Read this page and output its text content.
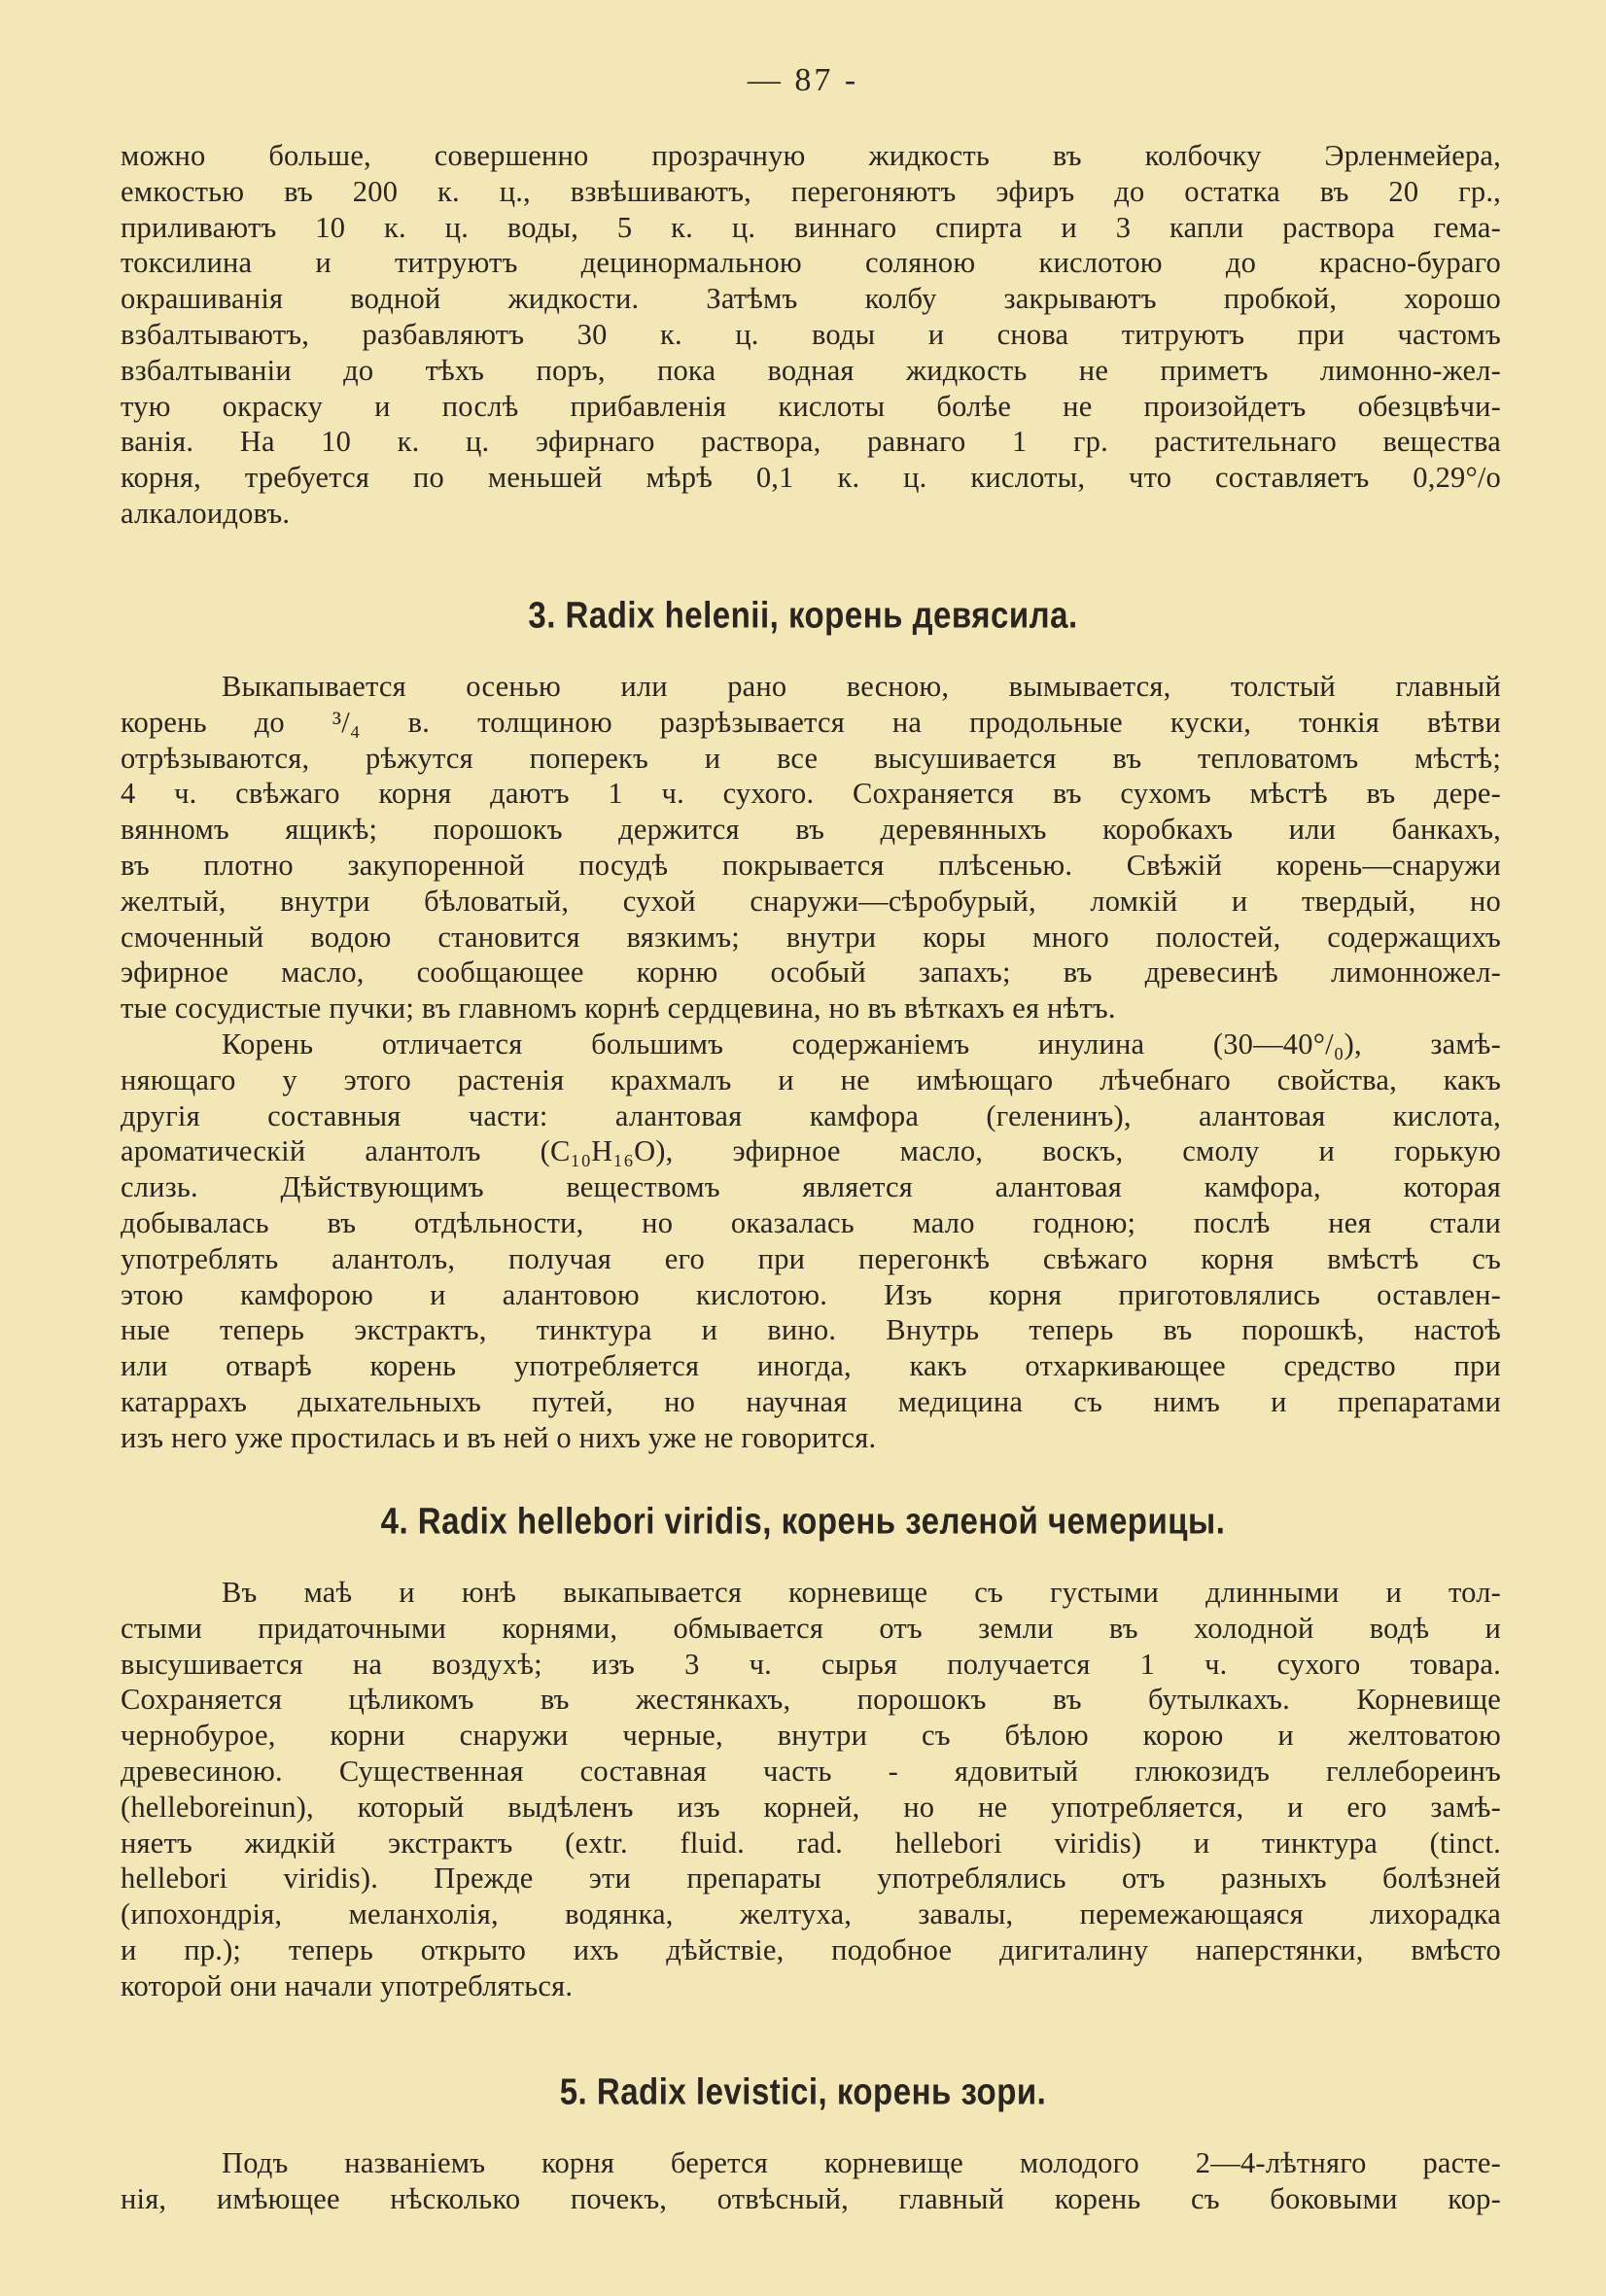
— 87 -

можно больше, совершенно прозрачную жидкость въ колбочку Эрленмейера,

емкостью въ 200 к. ц., взвѣшиваютъ, перегоняютъ эфиръ до остатка въ 20 гр.,

приливаютъ 10 к. ц. воды, 5 к. ц. виннаго спирта и 3 капли раствора гема-

токсилина и титруютъ децинормальною соляною кислотою до красно-бураго

окрашиванія водной жидкости. Затѣмъ колбу закрываютъ пробкой, хорошо

взбалтываютъ, разбавляютъ 30 к. ц. воды и снова титруютъ при частомъ

взбалтываніи до тѣхъ поръ, пока водная жидкость не приметъ лимонно-жел-

тую окраску и послѣ прибавленія кислоты болѣе не произойдетъ обезцвѣчи-

ванія. На 10 к. ц. эфирнаго раствора, равнаго 1 гр. растительнаго вещества

корня, требуется по меньшей мѣрѣ 0,1 к. ц. кислоты, что составляетъ 0,29°/о

алкалоидовъ.

3. Radix helenii, корень девясила.

Выкапывается осенью или рано весною, вымывается, толстый главный

корень до ³/₄ в. толщиною разрѣзывается на продольные куски, тонкія вѣтви

отрѣзываются, рѣжутся поперекъ и все высушивается въ тепловатомъ мѣстѣ;

4 ч. свѣжаго корня даютъ 1 ч. сухого. Сохраняется въ сухомъ мѣстѣ въ дере-

вянномъ ящикѣ; порошокъ держится въ деревянныхъ коробкахъ или банкахъ,

въ плотно закупоренной посудѣ покрывается плѣсенью. Свѣжій корень—снаружи

желтый, внутри бѣловатый, сухой снаружи—сѣробурый, ломкій и твердый, но

смоченный водою становится вязкимъ; внутри коры много полостей, содержащихъ

эфирное масло, сообщающее корню особый запахъ; въ древесинѣ лимонножел-

тые сосудистые пучки; въ главномъ корнѣ сердцевина, но въ вѣткахъ ея нѣтъ.

Корень отличается большимъ содержаніемъ инулина (30—40°/₀), замѣ-

няющаго у этого растенія крахмалъ и не имѣющаго лѣчебнаго свойства, какъ

другія составныя части: алантовая камфора (геленинъ), алантовая кислота,

ароматическій алантолъ (C₁₀H₁₆O), эфирное масло, воскъ, смолу и горькую

слизь. Дѣйствующимъ веществомъ является алантовая камфора, которая

добывалась въ отдѣльности, но оказалась мало годною; послѣ нея стали

употреблять алантолъ, получая его при перегонкѣ свѣжаго корня вмѣстѣ съ

этою камфорою и алантовою кислотою. Изъ корня приготовлялись оставлен-

ные теперь экстрактъ, тинктура и вино. Внутрь теперь въ порошкѣ, настоѣ

или отварѣ корень употребляется иногда, какъ отхаркивающее средство при

катаррахъ дыхательныхъ путей, но научная медицина съ нимъ и препаратами

изъ него уже простилась и въ ней о нихъ уже не говорится.

4. Radix hellebori viridis, корень зеленой чемерицы.

Въ маѣ и юнѣ выкапывается корневище съ густыми длинными и тол-

стыми придаточными корнями, обмывается отъ земли въ холодной водѣ и

высушивается на воздухѣ; изъ 3 ч. сырья получается 1 ч. сухого товара.

Сохраняется цѣликомъ въ жестянкахъ, порошокъ въ бутылкахъ. Корневище

чернобурое, корни снаружи черные, внутри съ бѣлою корою и желтоватою

древесиною. Существенная составная часть - ядовитый глюкозидъ геллебореинъ

(helleboreinun), который выдѣленъ изъ корней, но не употребляется, и его замѣ-

няетъ жидкій экстрактъ (extr. fluid. rad. hellebori viridis) и тинктура (tinct.

hellebori viridis). Прежде эти препараты употреблялись отъ разныхъ болѣзней

(ипохондрія, меланхолія, водянка, желтуха, завалы, перемежающаяся лихорадка

и пр.); теперь открыто ихъ дѣйствіе, подобное дигиталину наперстянки, вмѣсто

которой они начали употребляться.

5. Radix levistici, корень зори.

Подъ названіемъ корня берется корневище молодого 2—4-лѣтняго расте-

нія, имѣющее нѣсколько почекъ, отвѣсный, главный корень съ боковыми кор-
